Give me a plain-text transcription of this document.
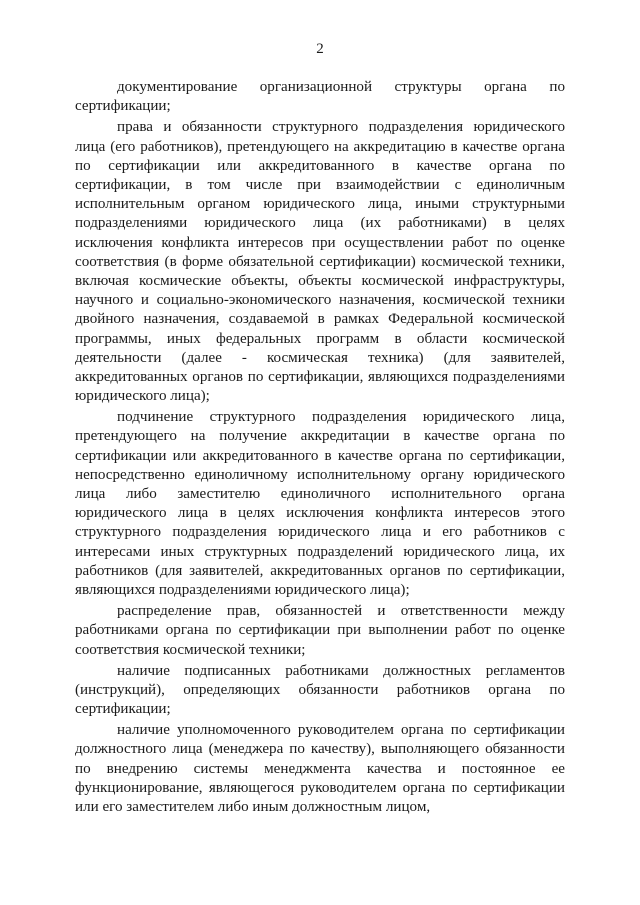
2

документирование организационной структуры органа по сертификации;

права и обязанности структурного подразделения юридического лица (его работников), претендующего на аккредитацию в качестве органа по сертификации или аккредитованного в качестве органа по сертификации, в том числе при взаимодействии с единоличным исполнительным органом юридического лица, иными структурными подразделениями юридического лица (их работниками) в целях исключения конфликта интересов при осуществлении работ по оценке соответствия (в форме обязательной сертификации) космической техники, включая космические объекты, объекты космической инфраструктуры, научного и социально-экономического назначения, космической техники двойного назначения, создаваемой в рамках Федеральной космической программы, иных федеральных программ в области космической деятельности (далее - космическая техника) (для заявителей, аккредитованных органов по сертификации, являющихся подразделениями юридического лица);

подчинение структурного подразделения юридического лица, претендующего на получение аккредитации в качестве органа по сертификации или аккредитованного в качестве органа по сертификации, непосредственно единоличному исполнительному органу юридического лица либо заместителю единоличного исполнительного органа юридического лица в целях исключения конфликта интересов этого структурного подразделения юридического лица и его работников с интересами иных структурных подразделений юридического лица, их работников (для заявителей, аккредитованных органов по сертификации, являющихся подразделениями юридического лица);

распределение прав, обязанностей и ответственности между работниками органа по сертификации при выполнении работ по оценке соответствия космической техники;

наличие подписанных работниками должностных регламентов (инструкций), определяющих обязанности работников органа по сертификации;

наличие уполномоченного руководителем органа по сертификации должностного лица (менеджера по качеству), выполняющего обязанности по внедрению системы менеджмента качества и постоянное ее функционирование, являющегося руководителем органа по сертификации или его заместителем либо иным должностным лицом,
